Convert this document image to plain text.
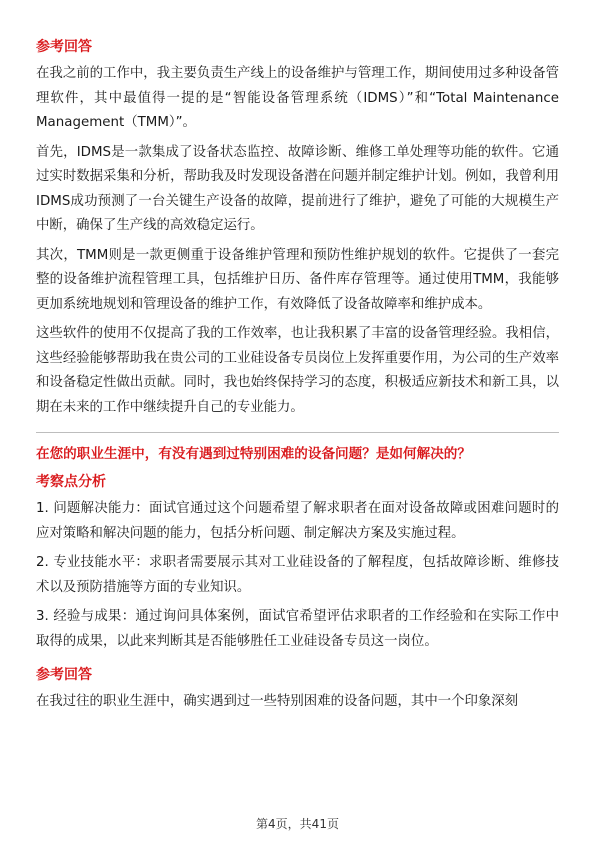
参考回答

在我之前的工作中，我主要负责生产线上的设备维护与管理工作，期间使用过多种设备管理软件，其中最值得一提的是“智能设备管理系统（IDMS）”和“Total Maintenance Management（TMM）”。

首先，IDMS是一款集成了设备状态监控、故障诊断、维修工单处理等功能的软件。它通过实时数据采集和分析，帮助我及时发现设备潜在问题并制定维护计划。例如，我曾利用IDMS成功预测了一台关键生产设备的故障，提前进行了维护，避免了可能的大规模生产中断，确保了生产线的高效稳定运行。

其次，TMM则是一款更侧重于设备维护管理和预防性维护规划的软件。它提供了一套完整的设备维护流程管理工具，包括维护日历、备件库存管理等。通过使用TMM，我能够更加系统地规划和管理设备的维护工作，有效降低了设备故障率和维护成本。

这些软件的使用不仅提高了我的工作效率，也让我积累了丰富的设备管理经验。我相信，这些经验能够帮助我在贵公司的工业硅设备专员岗位上发挥重要作用，为公司的生产效率和设备稳定性做出贡献。同时，我也始终保持学习的态度，积极适应新技术和新工具，以期在未来的工作中继续提升自己的专业能力。

在您的职业生涯中，有没有遇到过特别困难的设备问题？是如何解决的？
考察点分析

1. 问题解决能力：面试官通过这个问题希望了解求职者在面对设备故障或困难问题时的应对策略和解决问题的能力，包括分析问题、制定解决方案及实施过程。

2. 专业技能水平：求职者需要展示其对工业硅设备的了解程度，包括故障诊断、维修技术以及预防措施等方面的专业知识。

3. 经验与成果：通过询问具体案例，面试官希望评估求职者的工作经验和在实际工作中取得的成果，以此来判断其是否能够胜任工业硅设备专员这一岗位。

参考回答

在我过往的职业生涯中，确实遇到过一些特别困难的设备问题，其中一个印象深刻

第4页，共41页
